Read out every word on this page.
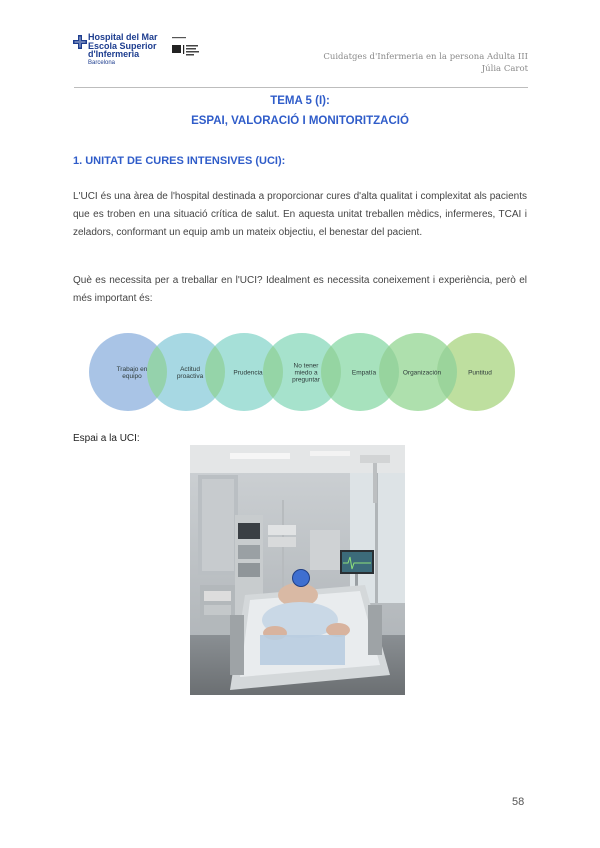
Hospital del Mar
Escola Superior
d'Infermeria
Barcelona
Cuidatges d'Infermeria en la persona Adulta III
Júlia Carot
TEMA 5 (I):
ESPAI, VALORACIÓ I MONITORITZACIÓ
1. UNITAT DE CURES INTENSIVES (UCI):
L'UCI és una àrea de l'hospital destinada a proporcionar cures d'alta qualitat i complexitat als pacients que es troben en una situació crítica de salut. En aquesta unitat treballen mèdics, infermeres, TCAI i zeladors, conformant un equip amb un mateix objectiu, el benestar del pacient.
Què es necessita per a treballar en l'UCI? Idealment es necessita coneixement i experiència, però el més important és:
Trabajo en equipo
Actitud proactiva	Prudencia
No tener miedo a preguntar
Empatía	Organización	Puntitud
Espai a la UCI:
58
